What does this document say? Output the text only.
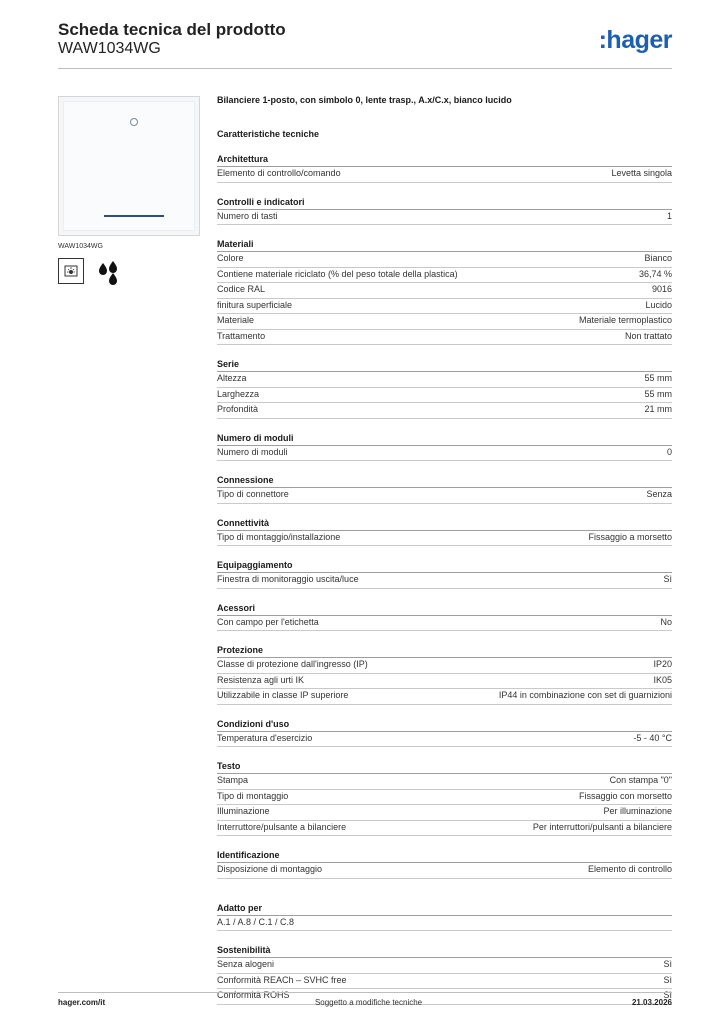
Scheda tecnica del prodotto
WAW1034WG	:hager
WAW1034WG
Bilanciere 1-posto, con simbolo 0, lente trasp., A.x/C.x, bianco lucido
Caratteristiche tecniche
Architettura
Elemento di controllo/comando	Levetta singola
Controlli e indicatori
Numero di tasti	1
Materiali
Colore	Bianco
Contiene materiale riciclato (% del peso totale della plastica)	36,74 %
Codice RAL	9016
finitura superficiale	Lucido
Materiale	Materiale termoplastico
Trattamento	Non trattato
Serie
Altezza	55 mm
Larghezza	55 mm
Profondità	21 mm
Numero di moduli
Numero di moduli	0
Connessione
Tipo di connettore	Senza
Connettività
Tipo di montaggio/installazione	Fissaggio a morsetto
Equipaggiamento
Finestra di monitoraggio uscita/luce	Sì
Acessori
Con campo per l'etichetta	No
Protezione
Classe di protezione dall'ingresso (IP)	IP20
Resistenza agli urti IK	IK05
Utilizzabile in classe IP superiore	IP44 in combinazione con set di guarnizioni
Condizioni d'uso
Temperatura d'esercizio	-5 - 40 °C
Testo
Stampa	Con stampa "0"
Tipo di montaggio	Fissaggio con morsetto
Illuminazione	Per illuminazione
Interruttore/pulsante a bilanciere	Per interruttori/pulsanti a bilanciere
Identificazione
Disposizione di montaggio	Elemento di controllo
Adatto per
A.1 / A.8 / C.1 / C.8
Sostenibilità
Senza alogeni	Sì
Conformità REACh – SVHC free	Sì
Conformità ROHS	Sì
hager.com/it	Soggetto a modifiche tecniche	21.03.2026
